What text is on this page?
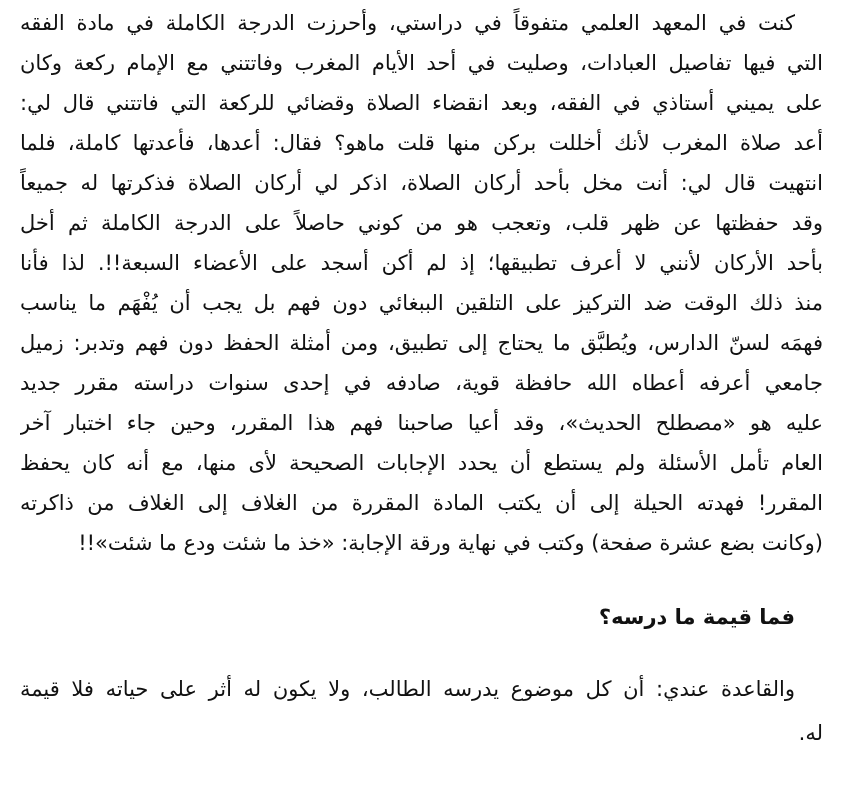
كنت في المعهد العلمي متفوقاً في دراستي، وأحرزت الدرجة الكاملة في مادة الفقه
التي فيها تفاصيل العبادات، وصليت في أحد الأيام المغرب وفاتتني مع الإمام ركعة وكان
على يميني أستاذي في الفقه، وبعد انقضاء الصلاة وقضائي للركعة التي فاتتني قال لي:
أعد صلاة المغرب لأنك أخللت بركن منها قلت ماهو؟ فقال: أعدها، فأعدتها كاملة، فلما
انتهيت قال لي: أنت مخل بأحد أركان الصلاة، اذكر لي أركان الصلاة فذكرتها له جميعاً
وقد حفظتها عن ظهر قلب، وتعجب هو من كوني حاصلاً على الدرجة الكاملة ثم أخل
بأحد الأركان لأنني لا أعرف تطبيقها؛ إذ لم أكن أسجد على الأعضاء السبعة!!. لذا فأنا
منذ ذلك الوقت ضد التركيز على التلقين الببغائي دون فهم بل يجب أن يُفْهَم ما يناسب
فهمَه لسنّ الدارس، ويُطبَّق ما يحتاج إلى تطبيق، ومن أمثلة الحفظ دون فهم وتدبر: زميل
جامعي أعرفه أعطاه الله حافظة قوية، صادفه في إحدى سنوات دراسته مقرر جديد
عليه هو «مصطلح الحديث»، وقد أعيا صاحبنا فهم هذا المقرر، وحين جاء اختبار آخر
العام تأمل الأسئلة ولم يستطع أن يحدد الإجابات الصحيحة لأى منها، مع أنه كان يحفظ
المقرر! فهدته الحيلة إلى أن يكتب المادة المقررة من الغلاف إلى الغلاف من ذاكرته
(وكانت بضع عشرة صفحة) وكتب في نهاية ورقة الإجابة: «خذ ما شئت ودع ما شئت»!!
فما قيمة ما درسه؟
والقاعدة عندي: أن كل موضوع يدرسه الطالب، ولا يكون له أثر على حياته فلا قيمة
له.
